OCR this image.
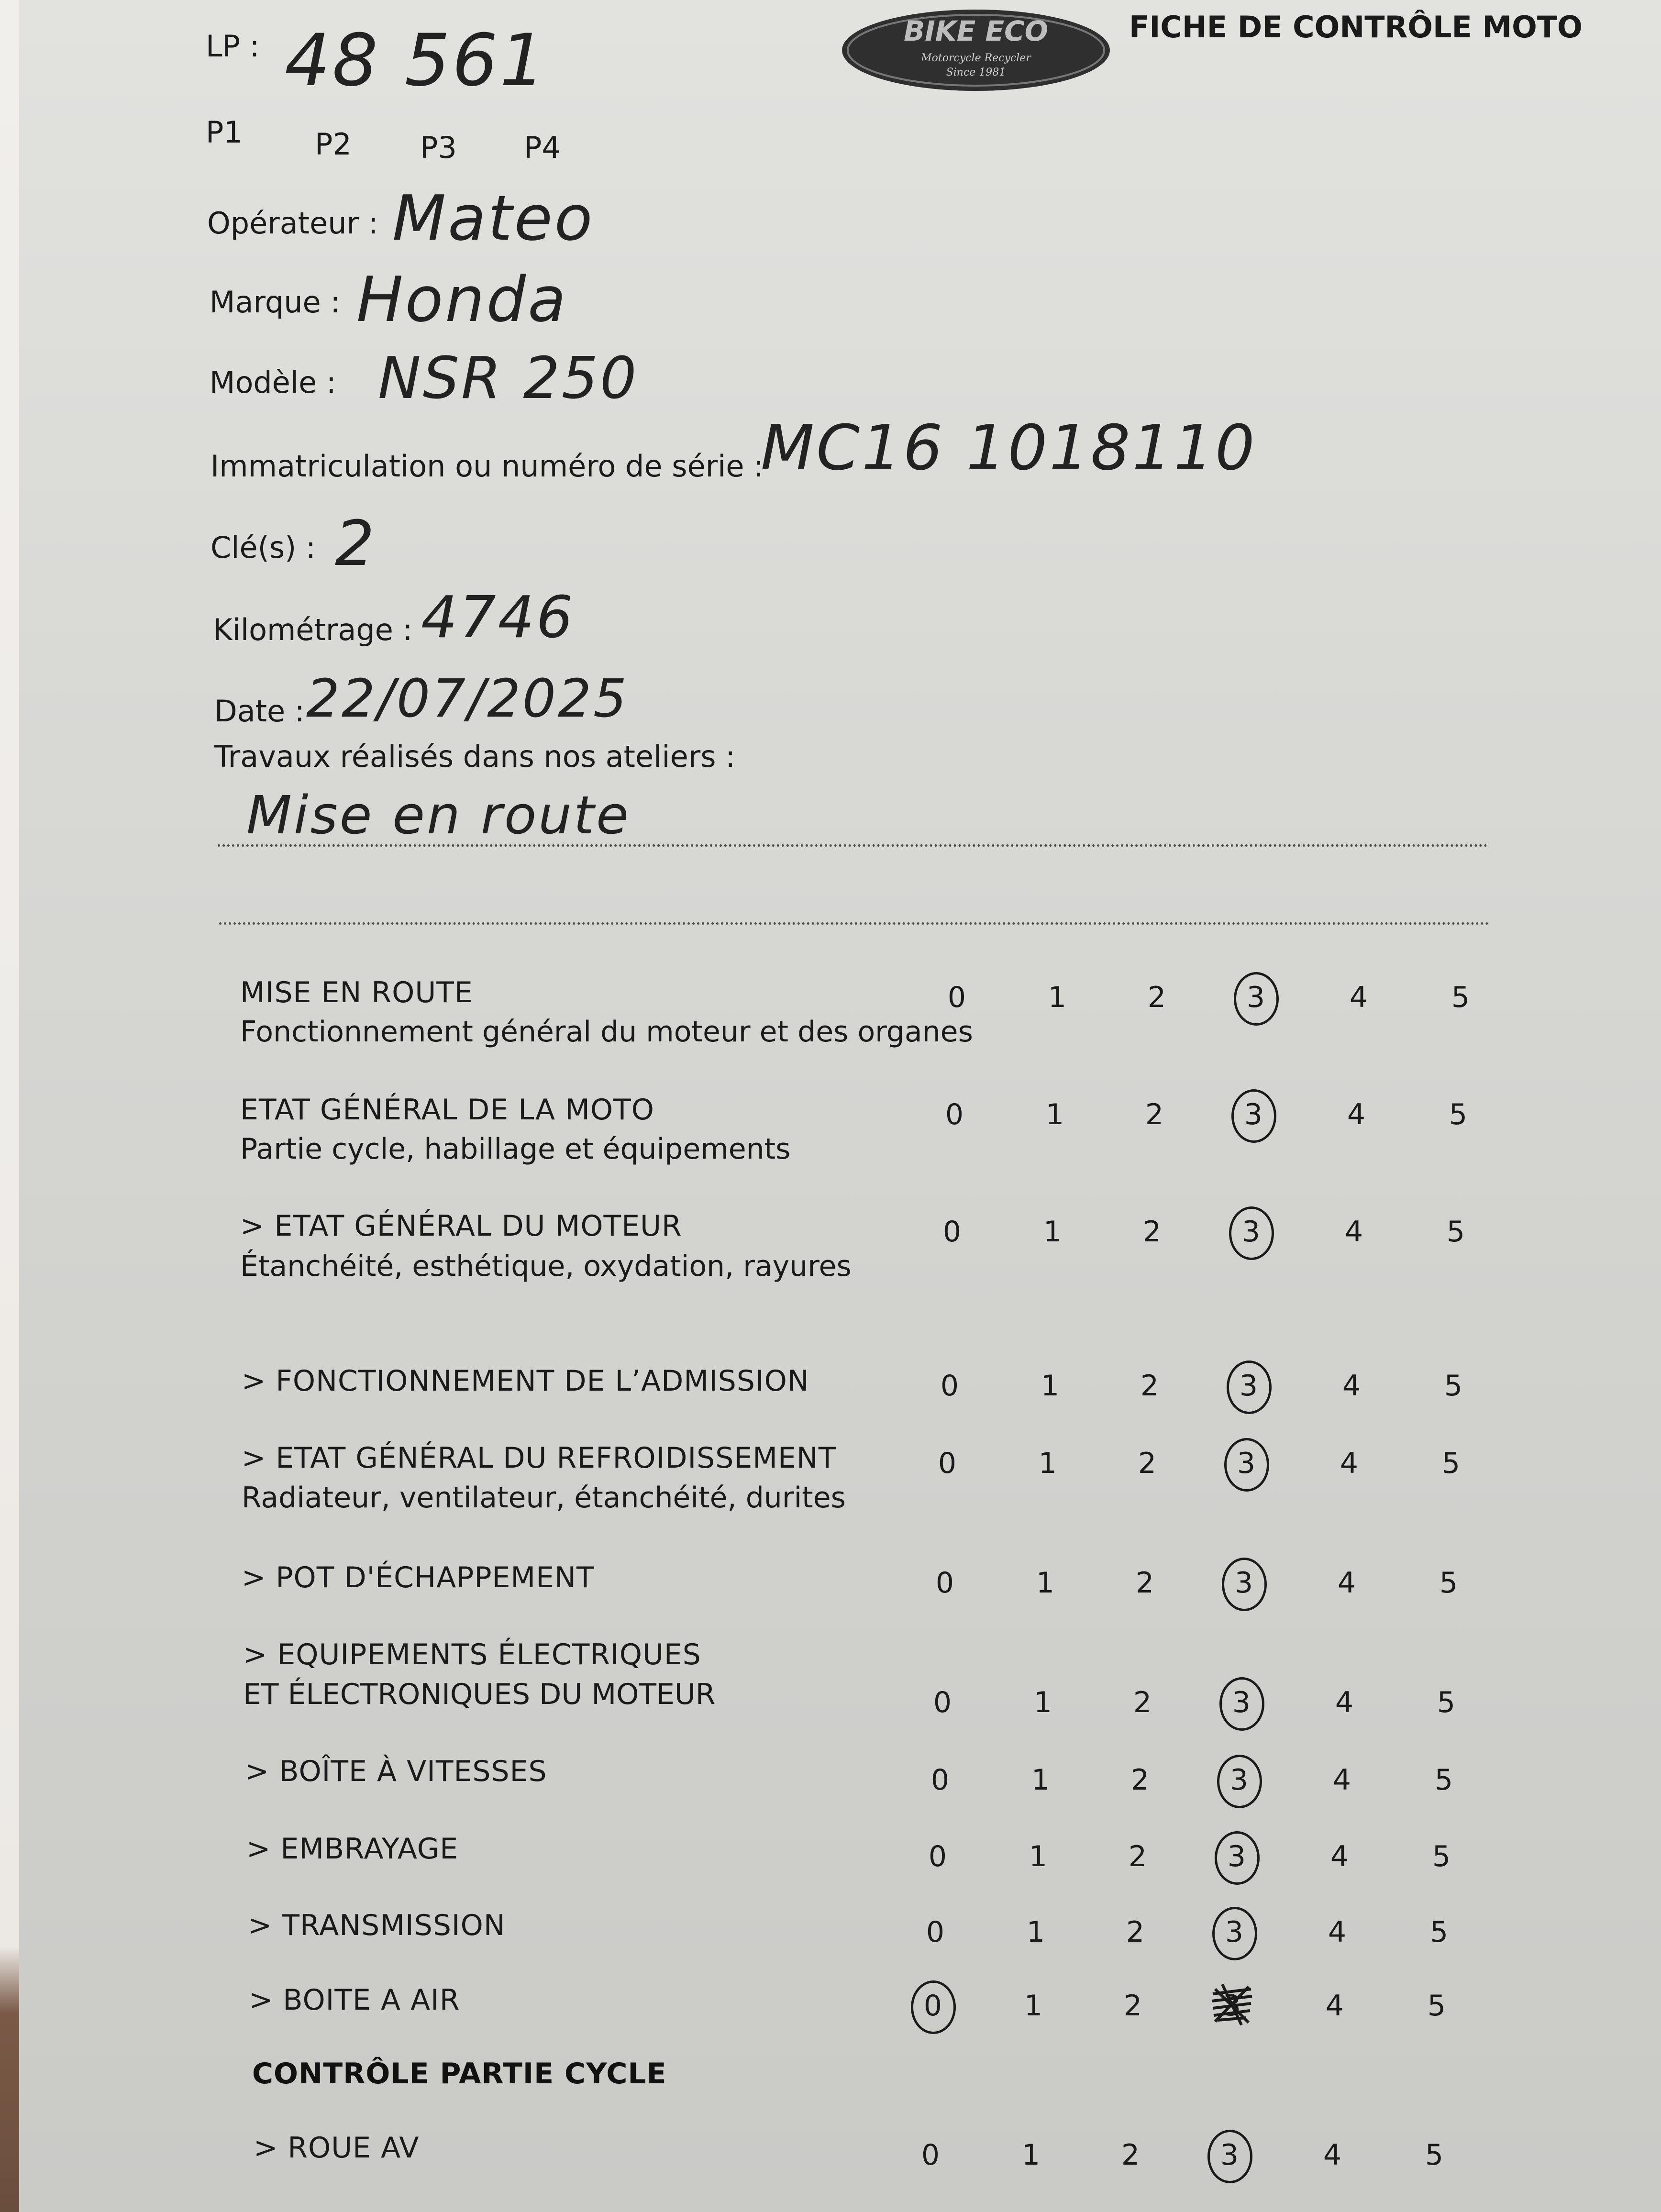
BIKE ECO
Motorcycle Recycler
Since 1981
FICHE DE CONTRÔLE MOTO
LP : 48 561
P1 P2 P3 P4
Opérateur : Mateo
Marque : Honda
Modèle : NSR 250
Immatriculation ou numéro de série :
MC16 1018110
Clé(s) : 2
Kilométrage : 4746
Date : 22/07/2025
Travaux réalisés dans nos ateliers :
Mise en route
MISE EN ROUTE
Fonctionnement général du moteur et des organes
0	1	2	3	4	5
ETAT GÉNÉRAL DE LA MOTO
Partie cycle, habillage et équipements
0	1	2	3	4	5
> ETAT GÉNÉRAL DU MOTEUR
Étanchéité, esthétique, oxydation, rayures
0	1	2	3	4	5
> FONCTIONNEMENT DE L’ADMISSION	0	1	2	3	4	5
> ETAT GÉNÉRAL DU REFROIDISSEMENT
Radiateur, ventilateur, étanchéité, durites
0	1	2	3	4	5
> POT D'ÉCHAPPEMENT	0	1	2	3	4	5
> EQUIPEMENTS ÉLECTRIQUES
ET ÉLECTRONIQUES DU MOTEUR	0	1	2	3	4	5
> BOÎTE À VITESSES	0	1	2	3	4	5
> EMBRAYAGE	0	1	2	3	4	5
> TRANSMISSION	0	1	2	3	4	5
> BOITE A AIR	0	1	2	3	4	5
> ROUE AV	0	1	2	3	4	5
CONTRÔLE PARTIE CYCLE
